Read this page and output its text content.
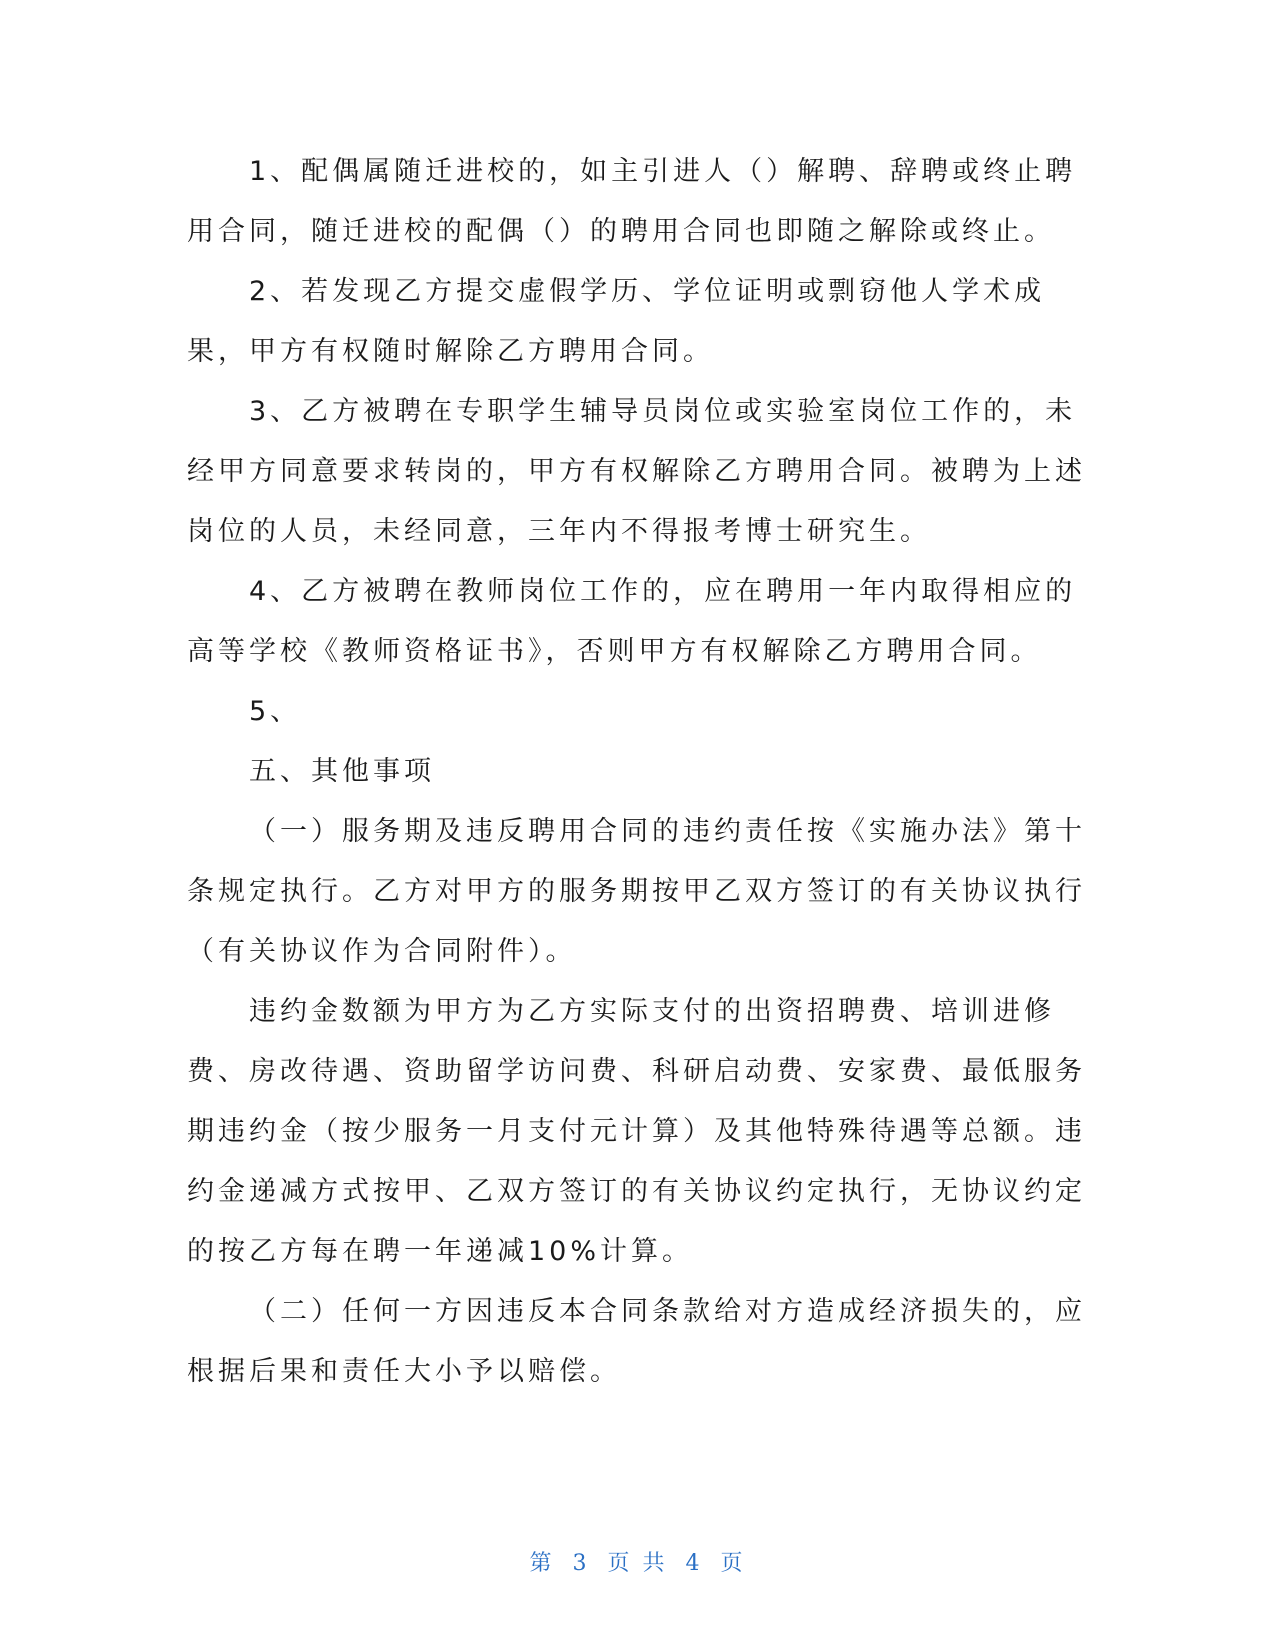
1、配偶属随迁进校的，如主引进人（）解聘、辞聘或终止聘用合同，随迁进校的配偶（）的聘用合同也即随之解除或终止。

2、若发现乙方提交虚假学历、学位证明或剽窃他人学术成果，甲方有权随时解除乙方聘用合同。

3、乙方被聘在专职学生辅导员岗位或实验室岗位工作的，未经甲方同意要求转岗的，甲方有权解除乙方聘用合同。被聘为上述岗位的人员，未经同意，三年内不得报考博士研究生。

4、乙方被聘在教师岗位工作的，应在聘用一年内取得相应的高等学校《教师资格证书》，否则甲方有权解除乙方聘用合同。

5、

五、其他事项

（一）服务期及违反聘用合同的违约责任按《实施办法》第十条规定执行。乙方对甲方的服务期按甲乙双方签订的有关协议执行（有关协议作为合同附件）。

违约金数额为甲方为乙方实际支付的出资招聘费、培训进修费、房改待遇、资助留学访问费、科研启动费、安家费、最低服务期违约金（按少服务一月支付元计算）及其他特殊待遇等总额。违约金递减方式按甲、乙双方签订的有关协议约定执行，无协议约定的按乙方每在聘一年递减10%计算。

（二）任何一方因违反本合同条款给对方造成经济损失的，应根据后果和责任大小予以赔偿。

第 3 页 共 4 页
